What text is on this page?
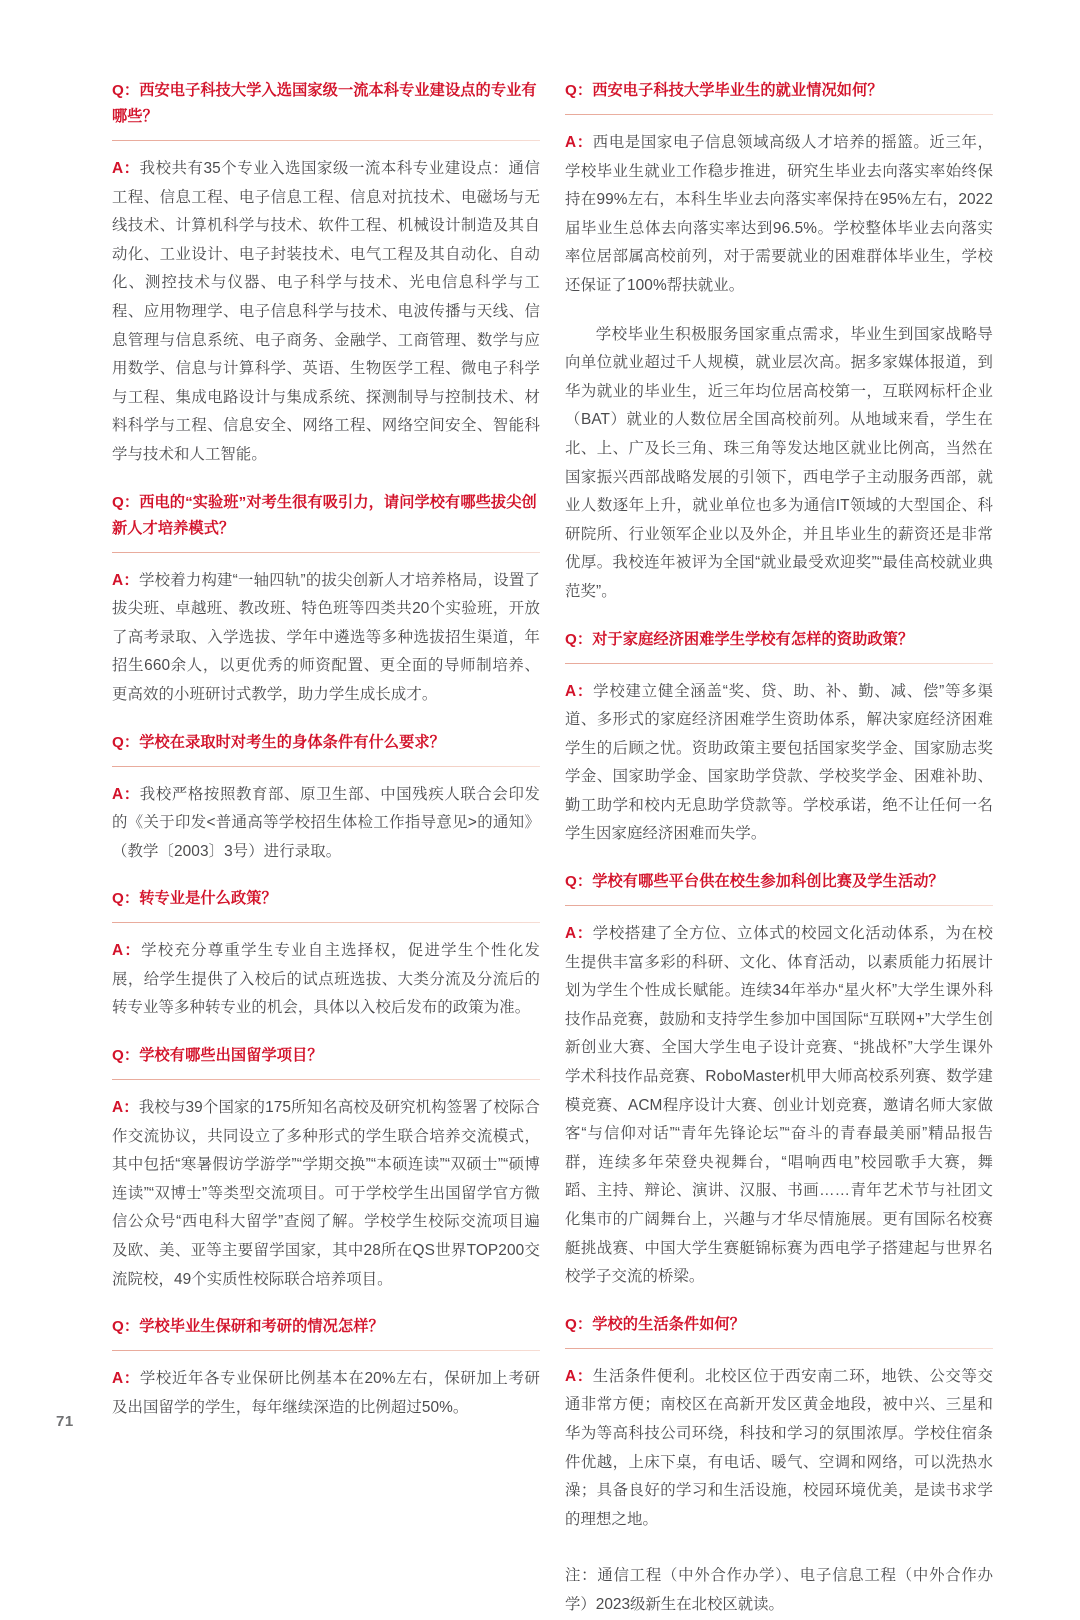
Q：西安电子科技大学入选国家级一流本科专业建设点的专业有哪些？

A：我校共有35个专业入选国家级一流本科专业建设点：通信工程、信息工程、电子信息工程、信息对抗技术、电磁场与无线技术、计算机科学与技术、软件工程、机械设计制造及其自动化、工业设计、电子封装技术、电气工程及其自动化、自动化、测控技术与仪器、电子科学与技术、光电信息科学与工程、应用物理学、电子信息科学与技术、电波传播与天线、信息管理与信息系统、电子商务、金融学、工商管理、数学与应用数学、信息与计算科学、英语、生物医学工程、微电子科学与工程、集成电路设计与集成系统、探测制导与控制技术、材料科学与工程、信息安全、网络工程、网络空间安全、智能科学与技术和人工智能。

Q：西电的“实验班”对考生很有吸引力，请问学校有哪些拔尖创新人才培养模式？

A：学校着力构建“一轴四轨”的拔尖创新人才培养格局，设置了拔尖班、卓越班、教改班、特色班等四类共20个实验班，开放了高考录取、入学选拔、学年中遴选等多种选拔招生渠道，年招生660余人，以更优秀的师资配置、更全面的导师制培养、更高效的小班研讨式教学，助力学生成长成才。

Q：学校在录取时对考生的身体条件有什么要求？

A：我校严格按照教育部、原卫生部、中国残疾人联合会印发的《关于印发<普通高等学校招生体检工作指导意见>的通知》（教学〔2003〕3号）进行录取。

Q：转专业是什么政策？

A：学校充分尊重学生专业自主选择权，促进学生个性化发展，给学生提供了入校后的试点班选拔、大类分流及分流后的转专业等多种转专业的机会，具体以入校后发布的政策为准。

Q：学校有哪些出国留学项目？

A：我校与39个国家的175所知名高校及研究机构签署了校际合作交流协议，共同设立了多种形式的学生联合培养交流模式，其中包括“寒暑假访学游学”“学期交换”“本硕连读”“双硕士”“硕博连读”“双博士”等类型交流项目。可于学校学生出国留学官方微信公众号“西电科大留学”查阅了解。学校学生校际交流项目遍及欧、美、亚等主要留学国家，其中28所在QS世界TOP200交流院校，49个实质性校际联合培养项目。

Q：学校毕业生保研和考研的情况怎样？

A：学校近年各专业保研比例基本在20%左右，保研加上考研及出国留学的学生，每年继续深造的比例超过50%。

Q：西安电子科技大学毕业生的就业情况如何？

A：西电是国家电子信息领域高级人才培养的摇篮。近三年，学校毕业生就业工作稳步推进，研究生毕业去向落实率始终保持在99%左右，本科生毕业去向落实率保持在95%左右，2022届毕业生总体去向落实率达到96.5%。学校整体毕业去向落实率位居部属高校前列，对于需要就业的困难群体毕业生，学校还保证了100%帮扶就业。

学校毕业生积极服务国家重点需求，毕业生到国家战略导向单位就业超过千人规模，就业层次高。据多家媒体报道，到华为就业的毕业生，近三年均位居高校第一，互联网标杆企业（BAT）就业的人数位居全国高校前列。从地域来看，学生在北、上、广及长三角、珠三角等发达地区就业比例高，当然在国家振兴西部战略发展的引领下，西电学子主动服务西部，就业人数逐年上升，就业单位也多为通信IT领域的大型国企、科研院所、行业领军企业以及外企，并且毕业生的薪资还是非常优厚。我校连年被评为全国“就业最受欢迎奖”“最佳高校就业典范奖”。

Q：对于家庭经济困难学生学校有怎样的资助政策？

A：学校建立健全涵盖“奖、贷、助、补、勤、减、偿”等多渠道、多形式的家庭经济困难学生资助体系，解决家庭经济困难学生的后顾之忧。资助政策主要包括国家奖学金、国家励志奖学金、国家助学金、国家助学贷款、学校奖学金、困难补助、勤工助学和校内无息助学贷款等。学校承诺，绝不让任何一名学生因家庭经济困难而失学。

Q：学校有哪些平台供在校生参加科创比赛及学生活动？

A：学校搭建了全方位、立体式的校园文化活动体系，为在校生提供丰富多彩的科研、文化、体育活动，以素质能力拓展计划为学生个性成长赋能。连续34年举办“星火杯”大学生课外科技作品竞赛，鼓励和支持学生参加中国国际“互联网+”大学生创新创业大赛、全国大学生电子设计竞赛、“挑战杯”大学生课外学术科技作品竞赛、RoboMaster机甲大师高校系列赛、数学建模竞赛、ACM程序设计大赛、创业计划竞赛，邀请名师大家做客“与信仰对话”“青年先锋论坛”“奋斗的青春最美丽”精品报告群，连续多年荣登央视舞台，“唱响西电”校园歌手大赛，舞蹈、主持、辩论、演讲、汉服、书画……青年艺术节与社团文化集市的广阔舞台上，兴趣与才华尽情施展。更有国际名校赛艇挑战赛、中国大学生赛艇锦标赛为西电学子搭建起与世界名校学子交流的桥梁。

Q：学校的生活条件如何？

A：生活条件便利。北校区位于西安南二环，地铁、公交等交通非常方便；南校区在高新开发区黄金地段，被中兴、三星和华为等高科技公司环绕，科技和学习的氛围浓厚。学校住宿条件优越，上床下桌，有电话、暖气、空调和网络，可以洗热水澡；具备良好的学习和生活设施，校园环境优美，是读书求学的理想之地。

注：通信工程（中外合作办学）、电子信息工程（中外合作办学）2023级新生在北校区就读。

71
